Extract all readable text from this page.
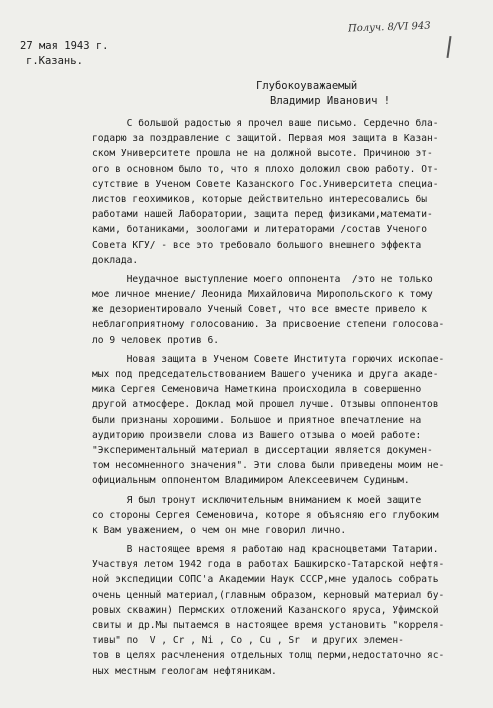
Получ. 8/VI 943
27 мая 1943 г.
г.Казань.
Глубокоуважаемый
Владимир Иванович !
С большой радостью я прочел ваше письмо. Сердечно бла-
годарю за поздравление с защитой. Первая моя защита в Казан-
ском Университете прошла не на должной высоте. Причиною эт-
ого в основном было то, что я плохо доложил свою работу. От-
сутствие в Ученом Совете Казанского Гос.Университета специа-
листов геохимиков, которые действительно интересовались бы
работами нашей Лаборатории, защита перед физиками,математи-
ками, ботаниками, зоологами и литераторами /состав Ученого
Совета КГУ/ - все это требовало большого внешнего эффекта
доклада.
Неудачное выступление моего оппонента  /это не только
мое личное мнение/ Леонида Михайловича Миропольского к тому
же дезориентировало Ученый Совет, что все вместе привело к
неблагоприятному голосованию. За присвоение степени голосова-
ло 9 человек против 6.
Новая защита в Ученом Совете Института горючих ископае-
мых под председательствованием Вашего ученика и друга акаде-
мика Сергея Семеновича Наметкина происходила в совершенно
другой атмосфере. Доклад мой прошел лучше. Отзывы оппонентов
были признаны хорошими. Большое и приятное впечатление на
аудиторию произвели слова из Вашего отзыва о моей работе:
"Экспериментальный материал в диссертации является докумен-
том несомненного значения". Эти слова были приведены моим не-
официальным оппонентом Владимиром Алексеевичем Судиным.
Я был тронут исключительным вниманием к моей защите
со стороны Сергея Семеновича, которе я объясняю его глубоким
к Вам уважением, о чем он мне говорил лично.
В настоящее время я работаю над красноцветами Татарии.
Участвуя летом 1942 года в работах Башкирско-Татарской нефтя-
ной экспедиции СОПС'а Академии Наук СССР,мне удалось собрать
очень ценный материал,(главным образом, керновый материал бу-
ровых скважин) Пермских отложений Казанского яруса, Уфимской
свиты и др.Мы пытаемся в настоящее время установить "корреля-
тивы" по  V , Cr , Ni , Co , Cu , Sr  и других элемен-
тов в целях расчленения отдельных толщ перми,недостаточно яс-
ных местным геологам нефтяникам.
